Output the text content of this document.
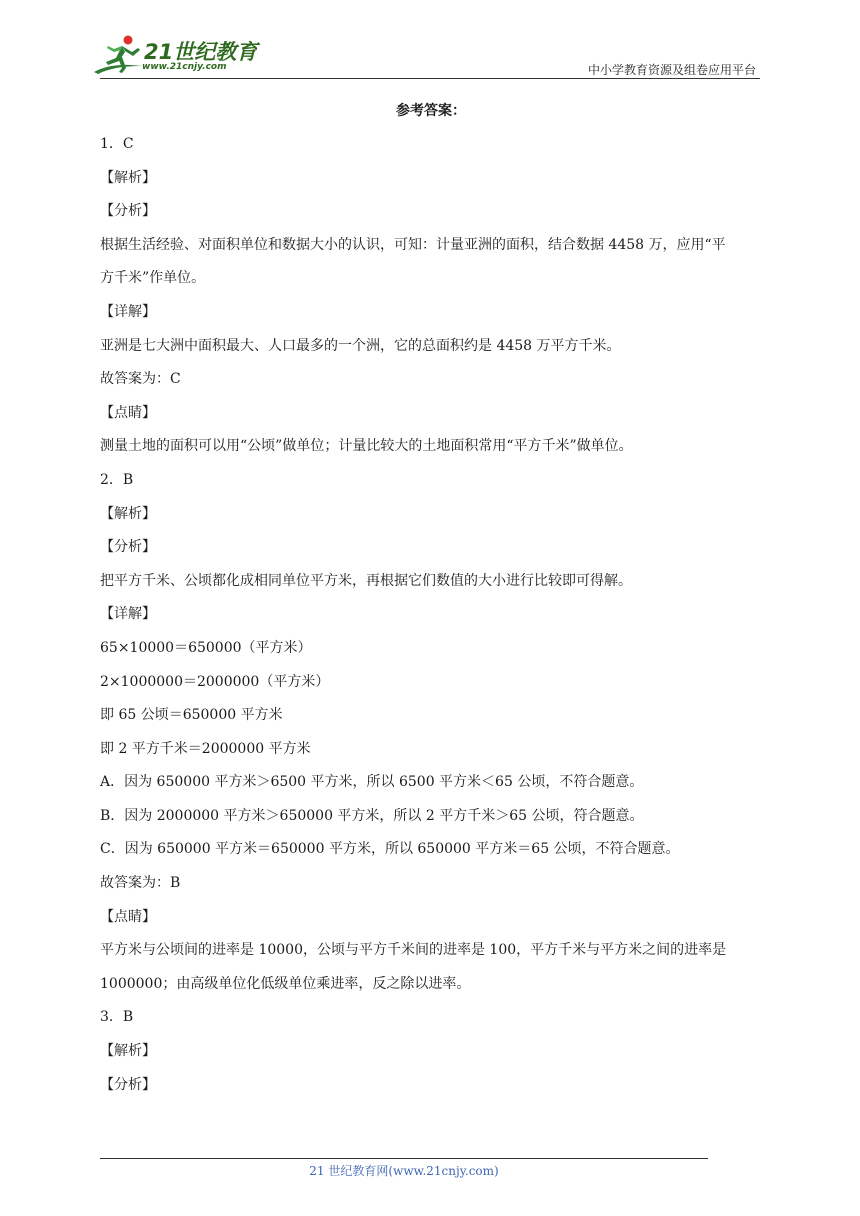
21世纪教育
www.21cnjy.com	中小学教育资源及组卷应用平台
参考答案：
1．C
【解析】
【分析】
根据生活经验、对面积单位和数据大小的认识，可知：计量亚洲的面积，结合数据 4458 万，应用“平
方千米”作单位。
【详解】
亚洲是七大洲中面积最大、人口最多的一个洲，它的总面积约是 4458 万平方千米。
故答案为：C
【点睛】
测量土地的面积可以用“公顷”做单位；计量比较大的土地面积常用“平方千米”做单位。
2．B
【解析】
【分析】
把平方千米、公顷都化成相同单位平方米，再根据它们数值的大小进行比较即可得解。
【详解】
65×10000＝650000（平方米）
2×1000000＝2000000（平方米）
即 65 公顷＝650000 平方米
即 2 平方千米＝2000000 平方米
A．因为 650000 平方米＞6500 平方米，所以 6500 平方米＜65 公顷，不符合题意。
B．因为 2000000 平方米＞650000 平方米，所以 2 平方千米＞65 公顷，符合题意。
C．因为 650000 平方米＝650000 平方米，所以 650000 平方米＝65 公顷，不符合题意。
故答案为：B
【点睛】
平方米与公顷间的进率是 10000，公顷与平方千米间的进率是 100，平方千米与平方米之间的进率是
1000000；由高级单位化低级单位乘进率，反之除以进率。
3．B
【解析】
【分析】
21 世纪教育网(www.21cnjy.com)
